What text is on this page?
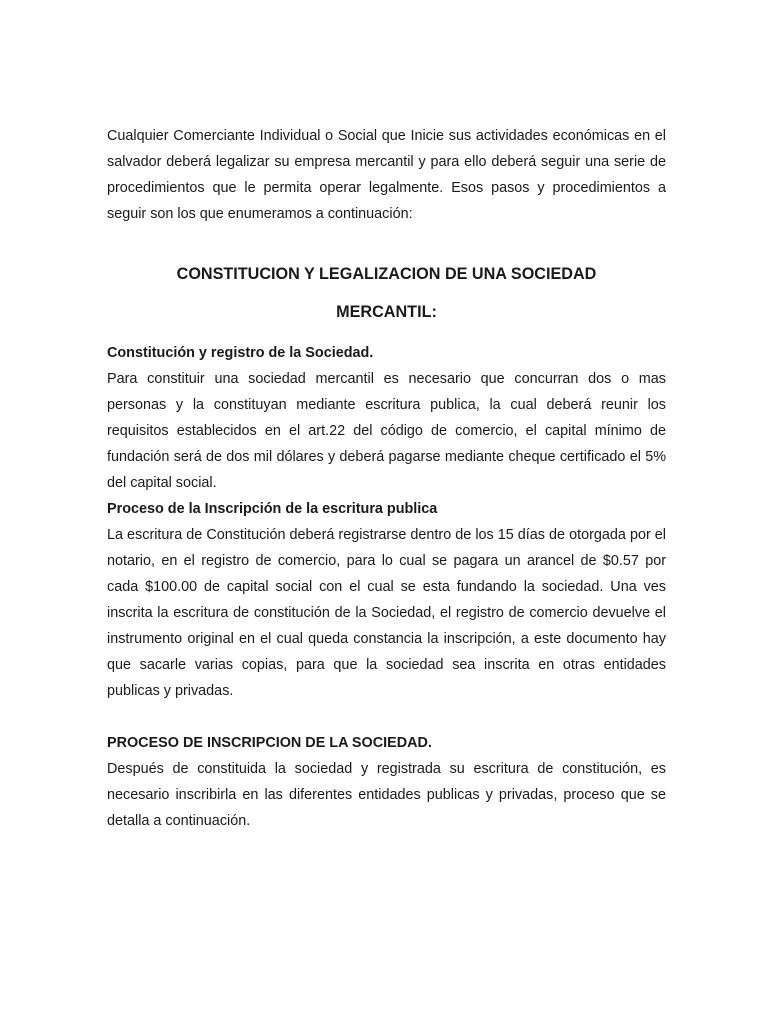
Cualquier Comerciante Individual o Social que Inicie sus actividades económicas en el salvador deberá legalizar su empresa mercantil y para ello deberá seguir una serie de procedimientos que le permita operar legalmente. Esos pasos y procedimientos a seguir son los que enumeramos a continuación:

CONSTITUCION Y LEGALIZACION DE UNA SOCIEDAD
MERCANTIL:
Constitución y registro de la Sociedad.

Para constituir una sociedad mercantil es necesario que concurran dos o mas personas y la constituyan mediante escritura publica, la cual deberá reunir los requisitos establecidos en el art.22 del código de comercio, el capital mínimo de fundación será de dos mil dólares y deberá pagarse mediante cheque certificado el 5% del capital social.

Proceso de la Inscripción de la escritura publica

La escritura de Constitución deberá registrarse dentro de los 15 días de otorgada por el notario, en el registro de comercio, para lo cual se pagara un arancel de $0.57 por cada $100.00 de capital social con el cual se esta fundando la sociedad. Una ves inscrita la escritura de constitución de la Sociedad, el registro de comercio devuelve el instrumento original en el cual queda constancia la inscripción, a este documento hay que sacarle varias copias, para que la sociedad sea inscrita en otras entidades publicas y privadas.

PROCESO DE INSCRIPCION DE LA SOCIEDAD.

Después de constituida la sociedad y registrada su escritura de constitución, es necesario inscribirla en las diferentes entidades publicas y privadas, proceso que se detalla a continuación.
